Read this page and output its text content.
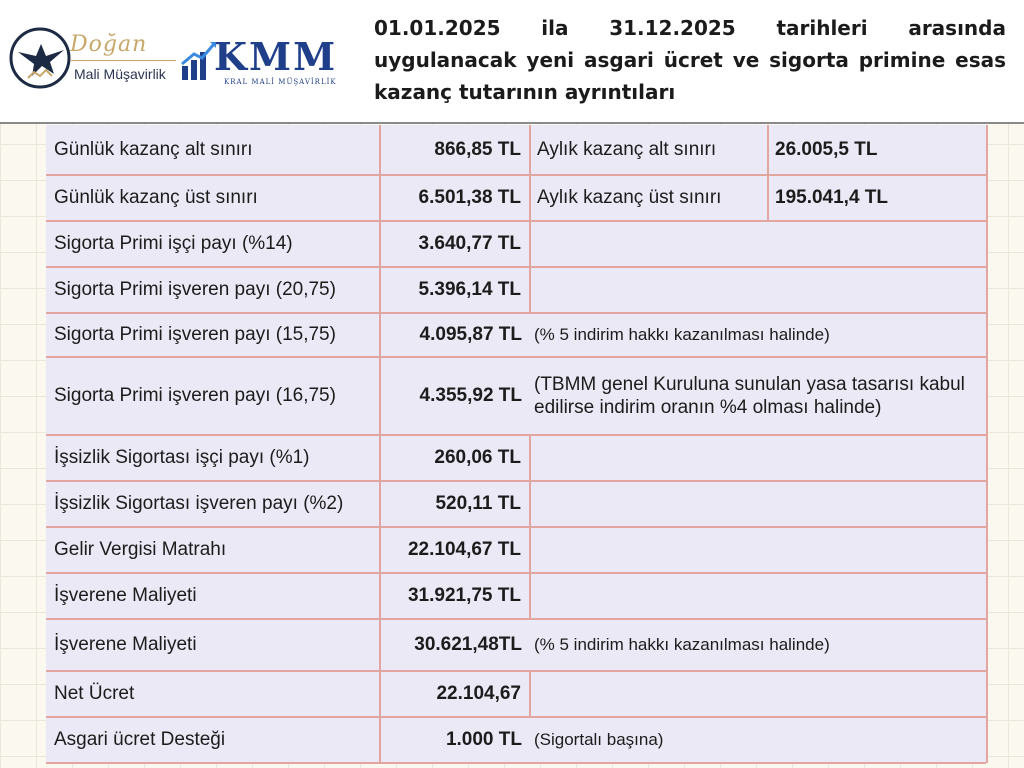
Doğan
Mali Müşavirlik KMM
KRAL MALİ MÜŞAVİRLİK
01.01.2025 ila 31.12.2025 tarihleri arasında uygulanacak yeni asgari ücret ve sigorta primine esas kazanç tutarının ayrıntıları
Günlük kazanç alt sınırı	866,85 TL	Aylık kazanç alt sınırı	26.005,5 TL
Günlük kazanç üst sınırı	6.501,38 TL	Aylık kazanç üst sınırı	195.041,4 TL
Sigorta Primi işçi payı (%14)	3.640,77 TL		
Sigorta Primi işveren payı (20,75)	5.396,14 TL		
Sigorta Primi işveren payı (15,75)	4.095,87 TL	(% 5 indirim hakkı kazanılması halinde)	
Sigorta Primi işveren payı (16,75)	4.355,92 TL	(TBMM genel Kuruluna sunulan yasa tasarısı kabul edilirse indirim oranın %4 olması halinde)	
İşsizlik Sigortası işçi payı (%1)	260,06 TL		
İşsizlik Sigortası işveren payı (%2)	520,11 TL		
Gelir Vergisi Matrahı	22.104,67 TL		
İşverene Maliyeti	31.921,75 TL		
İşverene Maliyeti	30.621,48TL	(% 5 indirim hakkı kazanılması halinde)	
Net Ücret	22.104,67		
Asgari ücret Desteği	1.000 TL	(Sigortalı başına)	
